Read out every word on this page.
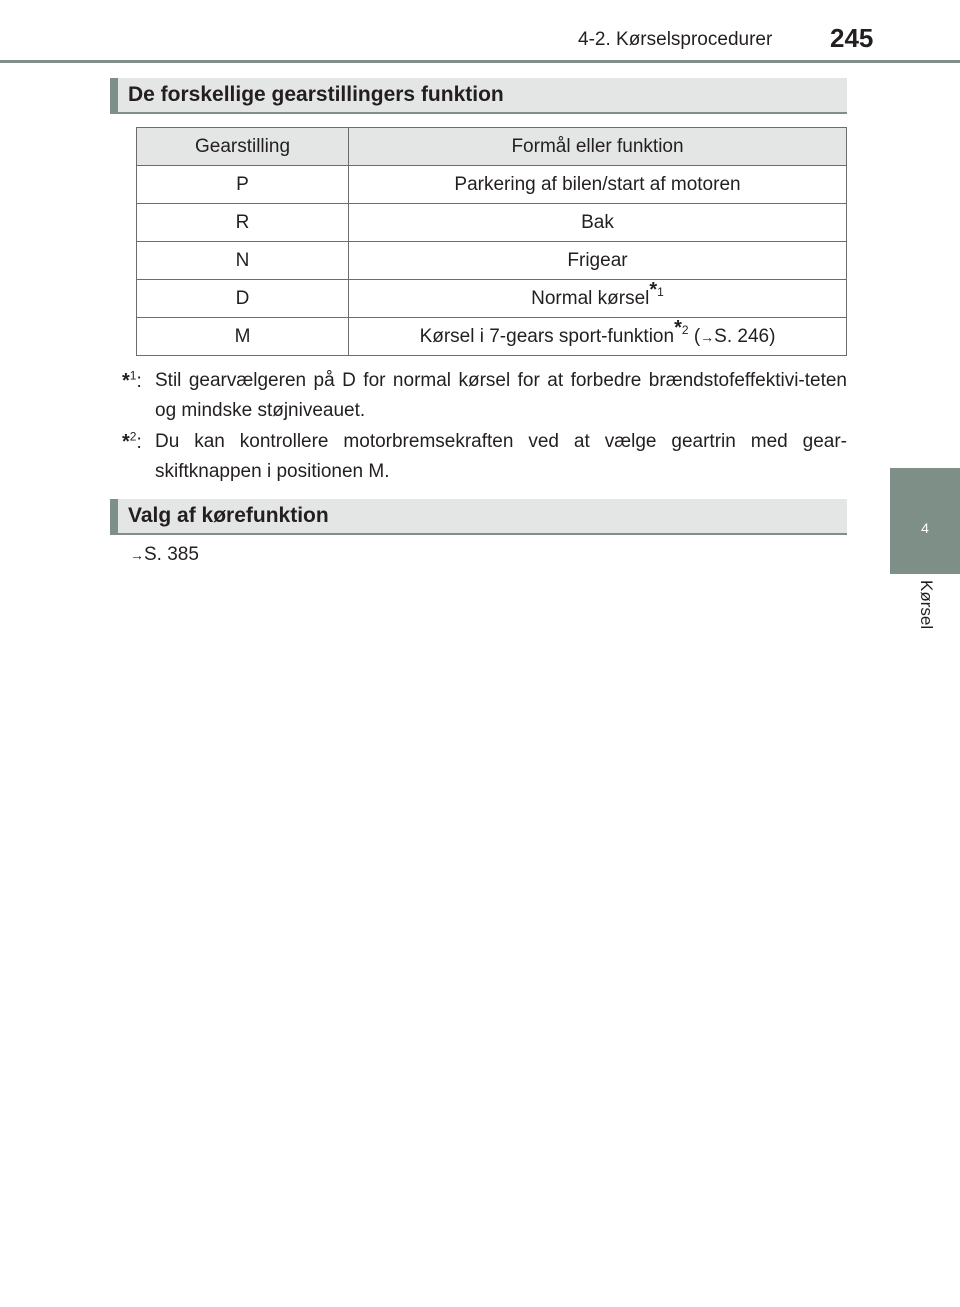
4-2. Kørselsprocedurer 245
4
Kørsel
De forskellige gearstillingers funktion
Gearstilling	Formål eller funktion
P	Parkering af bilen/start af motoren
R	Bak
N	Frigear
D	Normal kørsel$^{*1}$
M	Kørsel i 7-gears sport-funktion$^{*2}$ (→S. 246)
*$^1$: Stil gearvælgeren på D for normal kørsel for at forbedre brændstofeffektivi-teten og mindske støjniveauet.
*$^2$: Du kan kontrollere motorbremsekraften ved at vælge geartrin med gear-skiftknappen i positionen M.
Valg af kørefunktion
→S. 385
